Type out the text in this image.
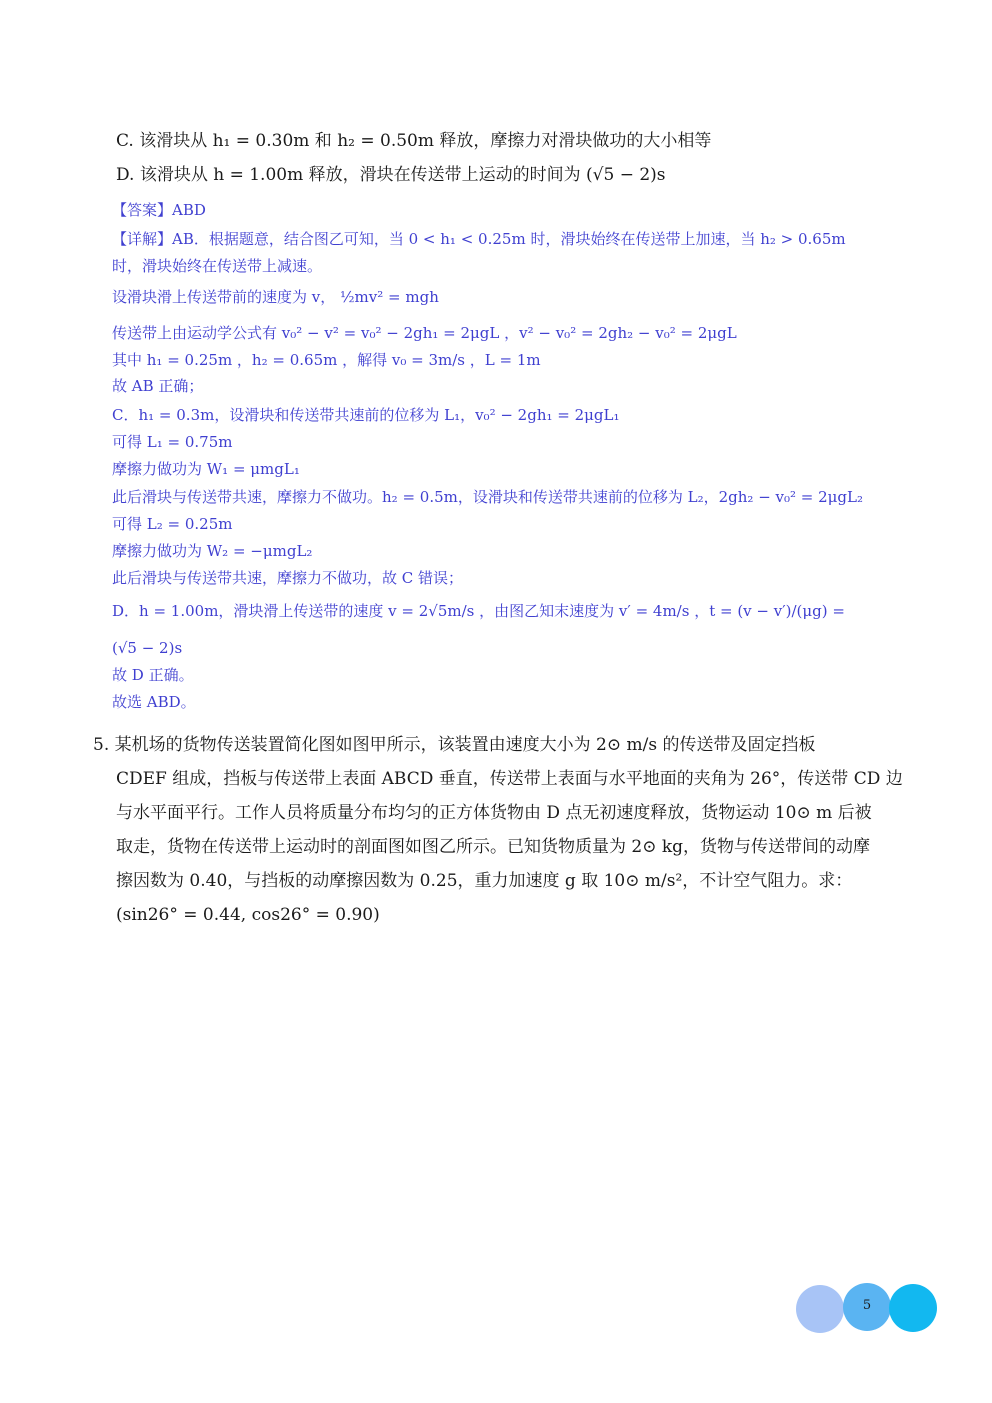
C. 该滑块从 h₁ = 0.30m 和 h₂ = 0.50m 释放，摩擦力对滑块做功的大小相等
D. 该滑块从 h = 1.00m 释放，滑块在传送带上运动的时间为 (√5 − 2)s
【答案】ABD
【详解】AB．根据题意，结合图乙可知，当 0 < h₁ < 0.25m 时，滑块始终在传送带上加速，当 h₂ > 0.65m
时，滑块始终在传送带上减速。
设滑块滑上传送带前的速度为 v， ½mv² = mgh
传送带上由运动学公式有 v₀² − v² = v₀² − 2gh₁ = 2μgL ，v² − v₀² = 2gh₂ − v₀² = 2μgL
其中 h₁ = 0.25m ，h₂ = 0.65m ，解得 v₀ = 3m/s ，L = 1m
故 AB 正确；
C．h₁ = 0.3m，设滑块和传送带共速前的位移为 L₁，v₀² − 2gh₁ = 2μgL₁
可得 L₁ = 0.75m
摩擦力做功为 W₁ = μmgL₁
此后滑块与传送带共速，摩擦力不做功。h₂ = 0.5m，设滑块和传送带共速前的位移为 L₂，2gh₂ − v₀² = 2μgL₂
可得 L₂ = 0.25m
摩擦力做功为 W₂ = −μmgL₂
此后滑块与传送带共速，摩擦力不做功，故 C 错误；
D．h = 1.00m，滑块滑上传送带的速度 v = 2√5m/s ，由图乙知末速度为 v′ = 4m/s ，t = (v − v′)/(μg) =
(√5 − 2)s
故 D 正确。
故选 ABD。
5. 某机场的货物传送装置简化图如图甲所示，该装置由速度大小为 2⊙ m/s 的传送带及固定挡板
CDEF 组成，挡板与传送带上表面 ABCD 垂直，传送带上表面与水平地面的夹角为 26°，传送带 CD 边
与水平面平行。工作人员将质量分布均匀的正方体货物由 D 点无初速度释放，货物运动 10⊙ m 后被
取走，货物在传送带上运动时的剖面图如图乙所示。已知货物质量为 2⊙ kg，货物与传送带间的动摩
擦因数为 0.40，与挡板的动摩擦因数为 0.25，重力加速度 g 取 10⊙ m/s²，不计空气阻力。求：
(sin26° = 0.44, cos26° = 0.90)
5
